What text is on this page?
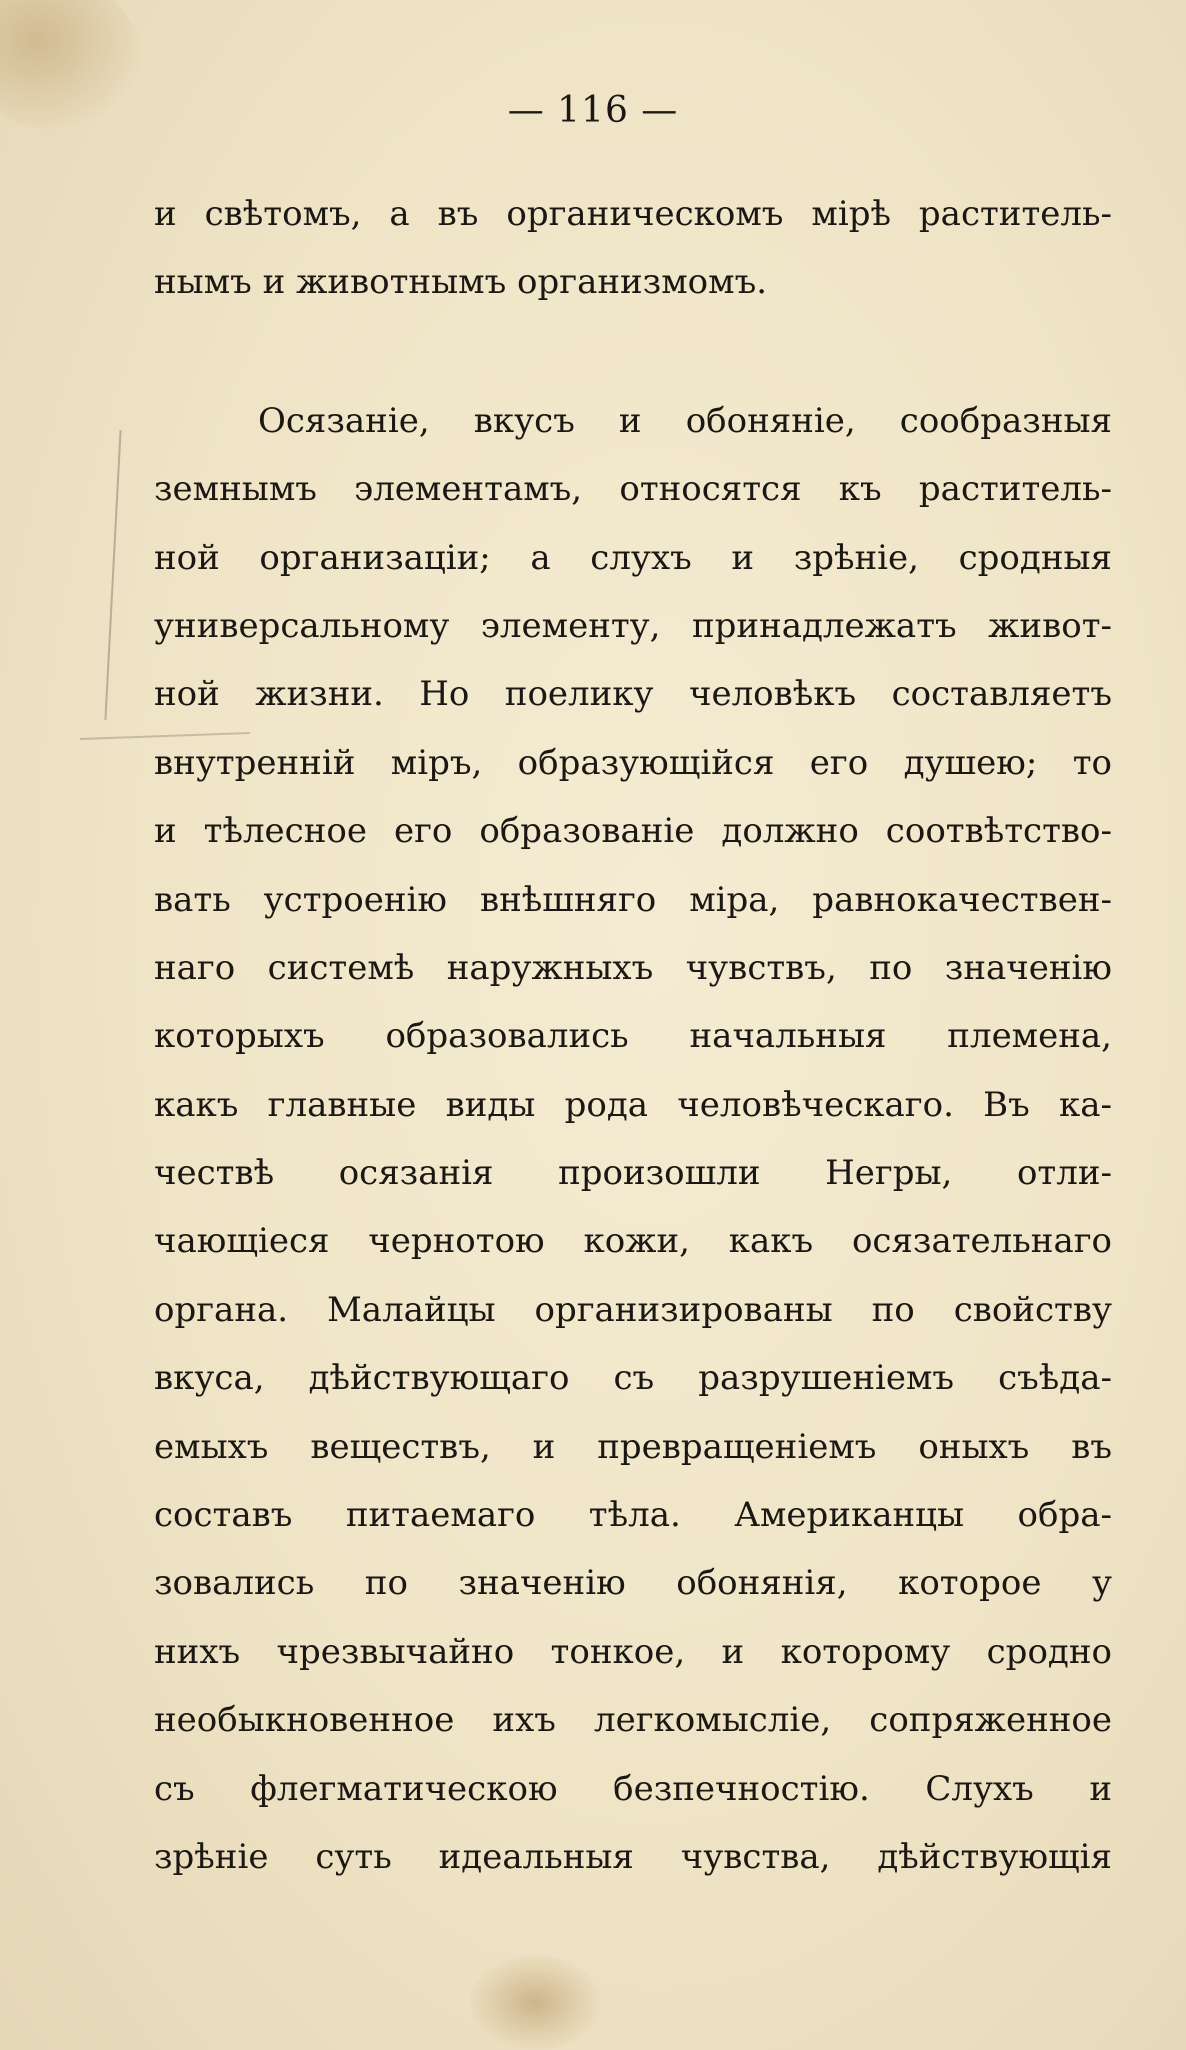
— 116 —
и свѣтомъ, а въ органическомъ мірѣ раститель-
нымъ и животнымъ организмомъ.
Осязаніе, вкусъ и обоняніе, сообразныя
земнымъ элементамъ, относятся къ раститель-
ной организаціи; а слухъ и зрѣніе, сродныя
универсальному элементу, принадлежатъ живот-
ной жизни. Но поелику человѣкъ составляетъ
внутренній міръ, образующійся его душею; то
и тѣлесное его образованіе должно соотвѣтство-
вать устроенію внѣшняго міра, равнокачествен-
наго системѣ наружныхъ чувствъ, по значенію
которыхъ образовались начальныя племена,
какъ главные виды рода человѣческаго. Въ ка-
чествѣ осязанія произошли Негры, отли-
чающіеся чернотою кожи, какъ осязательнаго
органа. Малайцы организированы по свойству
вкуса, дѣйствующаго съ разрушеніемъ съѣда-
емыхъ веществъ, и превращеніемъ оныхъ въ
составъ питаемаго тѣла. Американцы обра-
зовались по значенію обонянія, которое у
нихъ чрезвычайно тонкое, и которому сродно
необыкновенное ихъ легкомысліе, сопряженное
съ флегматическою безпечностію. Слухъ и
зрѣніе суть идеальныя чувства, дѣйствующія
